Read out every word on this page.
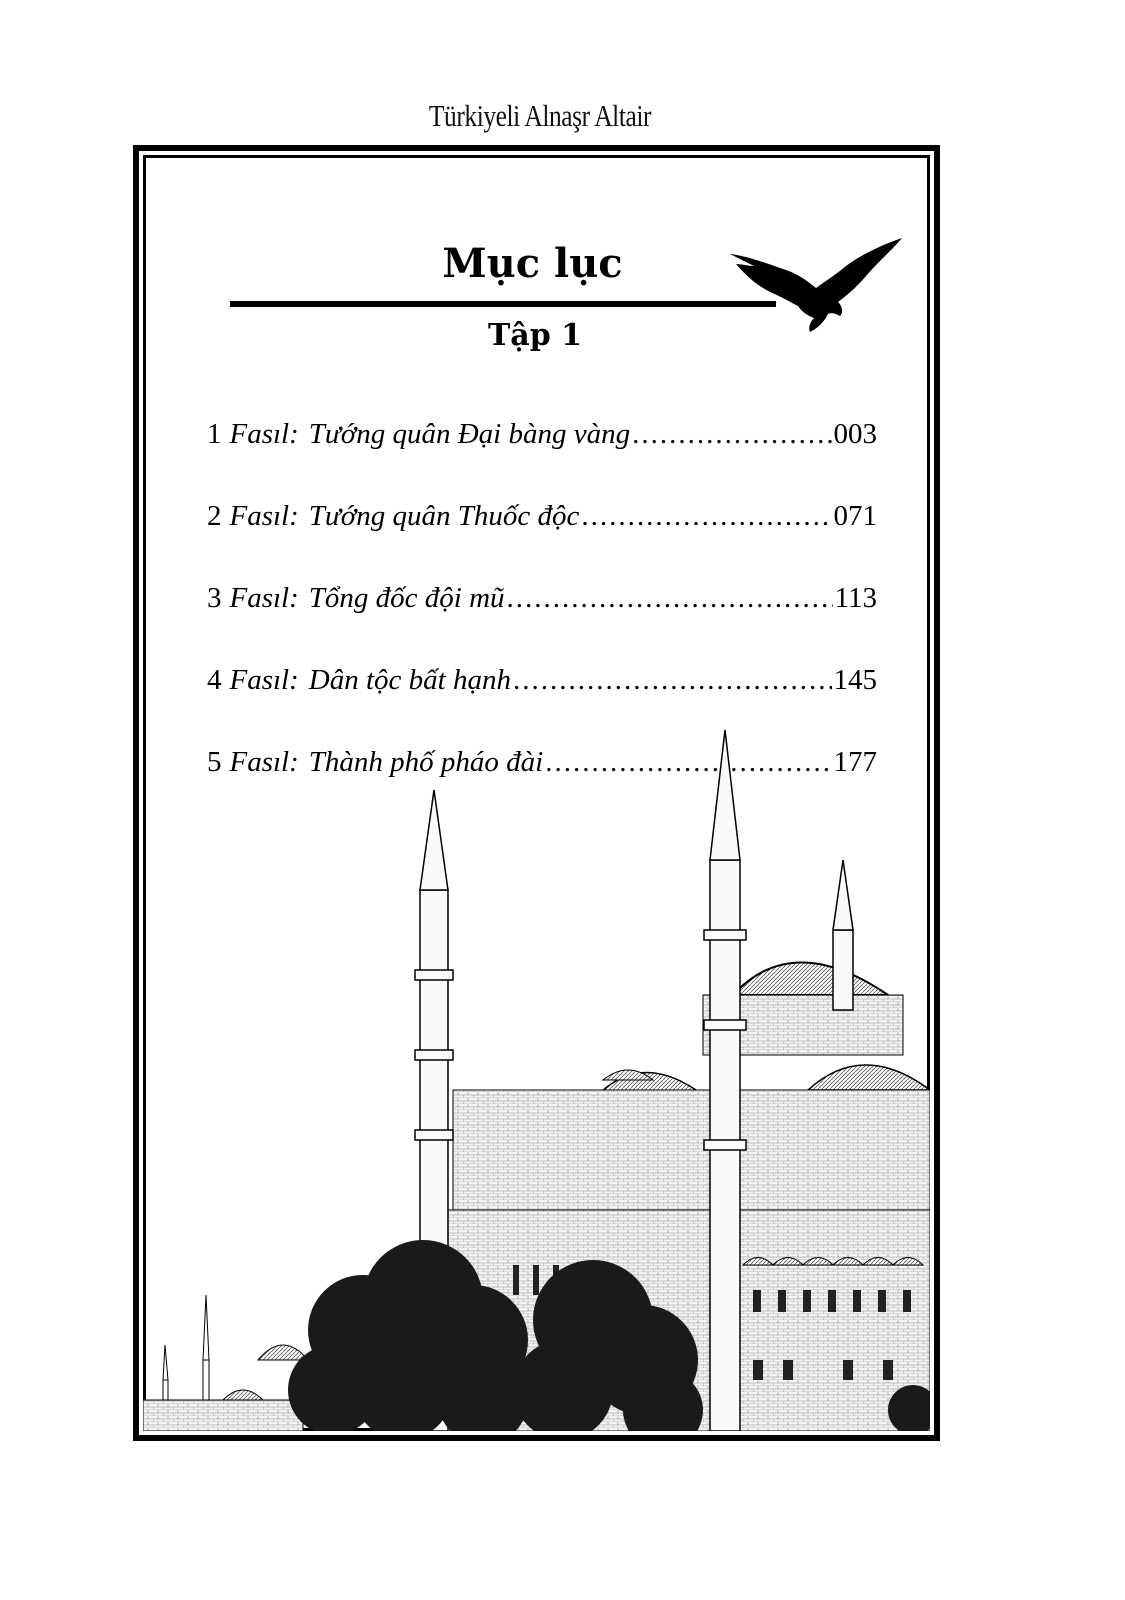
Türkiyeli Alnaşr Altair
Mục lục
Tập 1
1 Fasıl: Tướng quân Đại bàng vàng .....	003
2 Fasıl: Tướng quân Thuốc độc .....	071
3 Fasıl: Tổng đốc đội mũ .....	113
4 Fasıl: Dân tộc bất hạnh .....	145
5 Fasıl: Thành phố pháo đài .....	177
